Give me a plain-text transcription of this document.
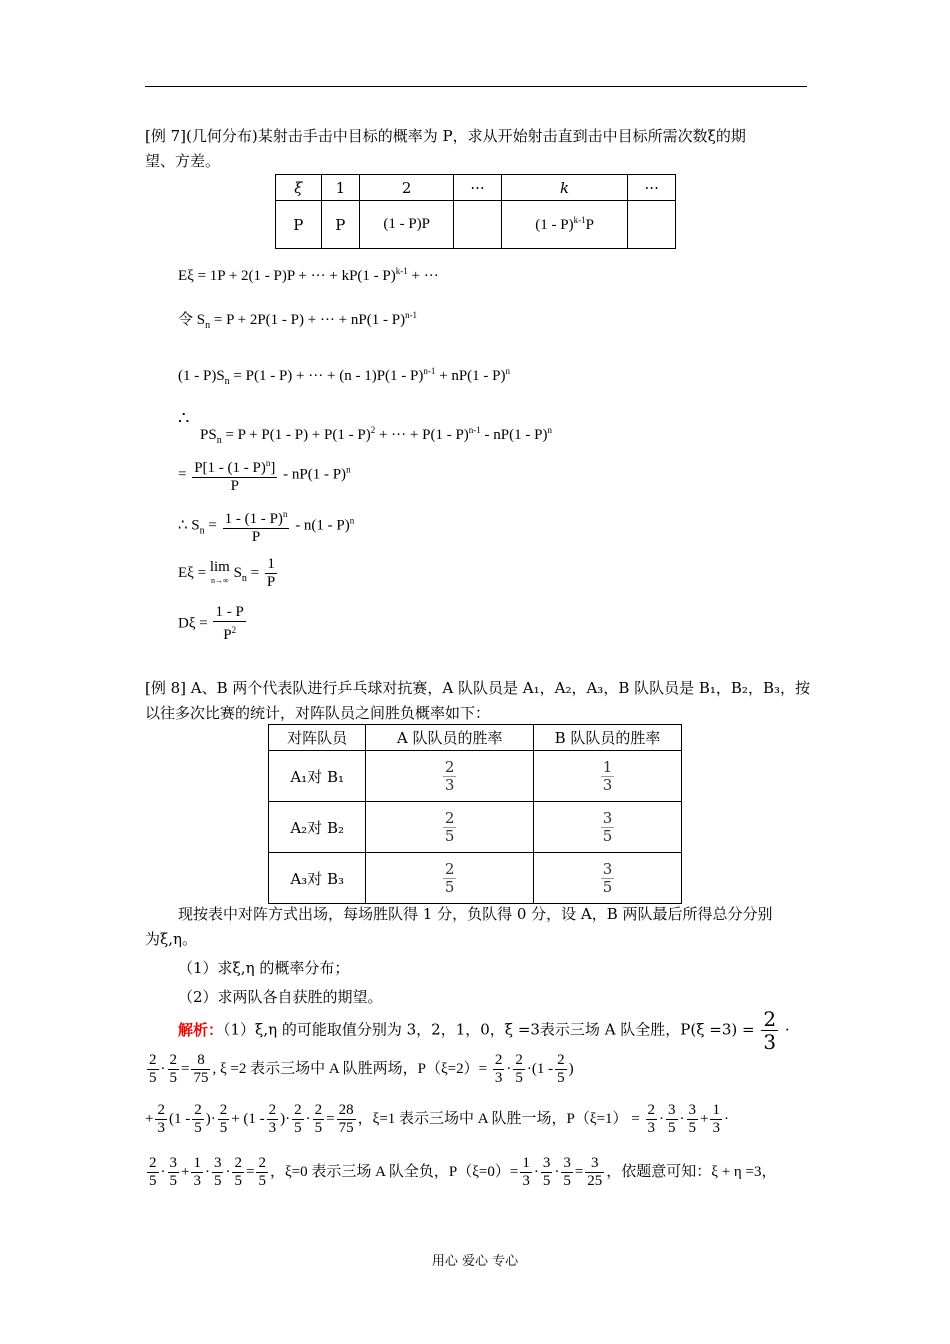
[例 7](几何分布)某射击手击中目标的概率为 P，求从开始射击直到击中目标所需次数ξ的期
望、方差。
ξ	1	2	···	k	···
P	P	(1 - P)P		(1 - P)$^{k-1}$P	
Eξ = 1P + 2(1 - P)P + ··· + kP(1 - P)$^{k-1}$ + ···
令 $S_n = P + 2P(1 - P)$ + ··· + nP(1 - P)$^{n-1}$
$(1 - P)S_n = P(1 - P)$ + ··· + (n - 1)P(1 - P)$^{n-1}$ + nP(1 - P)$^n$
∴
$PS_n = P + P(1 - P) + P(1 - P)^2$ + ··· + P(1 - P)$^{n-1}$ - nP(1 - P)$^n$
= $\frac{P[1 - (1 - P)^n]}{P} - nP(1 - P)^n$
∴ $S_n = \frac{1 - (1 - P)^n}{P} - n(1 - P)^n$
Eξ = lim
n→∞ $S_n = \frac{1}{P}$
$D\xi = \frac{1 - P}{P^2}$
[例 8] A、B 两个代表队进行乒乓球对抗赛，A 队队员是 A₁，A₂，A₃，B 队队员是 B₁，B₂，B₃，按
以往多次比赛的统计，对阵队员之间胜负概率如下：
对阵队员	A 队队员的胜率	B 队队员的胜率
A₁对 B₁	$\frac{2}{3}$	$\frac{1}{3}$

A₂对 B₂	$\frac{2}{5}$	$\frac{3}{5}$

A₃对 B₃	$\frac{2}{5}$	$\frac{3}{5}$
现按表中对阵方式出场，每场胜队得 1 分，负队得 0 分，设 A，B 两队最后所得总分分别
为ξ,η。
（1）求ξ,η 的概率分布；
（2）求两队各自获胜的期望。
解析：（1）ξ,η 的可能取值分别为 3，2，1，0，ξ =3表示三场 A 队全胜，$P(\xi =3) = \frac{2}{3}$ ·
$\frac{2}{5} \cdot \frac{2}{5} = \frac{8}{75}$ , ξ =2 表示三场中 A 队胜两场，$P(\xi=2)= \frac{2}{3} \cdot \frac{2}{5} \cdot(1 - \frac{2}{5}$ )
+ $\frac{2}{3} (1 - \frac{2}{5}$ )· $\frac{2}{5} + (1 - \frac{2}{3}$ )· $\frac{2}{5} \cdot \frac{2}{5} = \frac{28}{75}$ ，ξ=1 表示三场中 A 队胜一场，$P(\xi=1) = \frac{2}{3} \cdot \frac{3}{5} \cdot \frac{3}{5} + \frac{1}{3}$ ·
$\frac{2}{5} \cdot \frac{3}{5} + \frac{1}{3} \cdot \frac{3}{5} \cdot \frac{2}{5} = \frac{2}{5}$ ，ξ=0 表示三场 A 队全负，$P(\xi=0)= \frac{1}{3} \cdot \frac{3}{5} \cdot \frac{3}{5} = \frac{3}{25}$ ，依题意可知：ξ + η =3，
用心 爱心 专心
